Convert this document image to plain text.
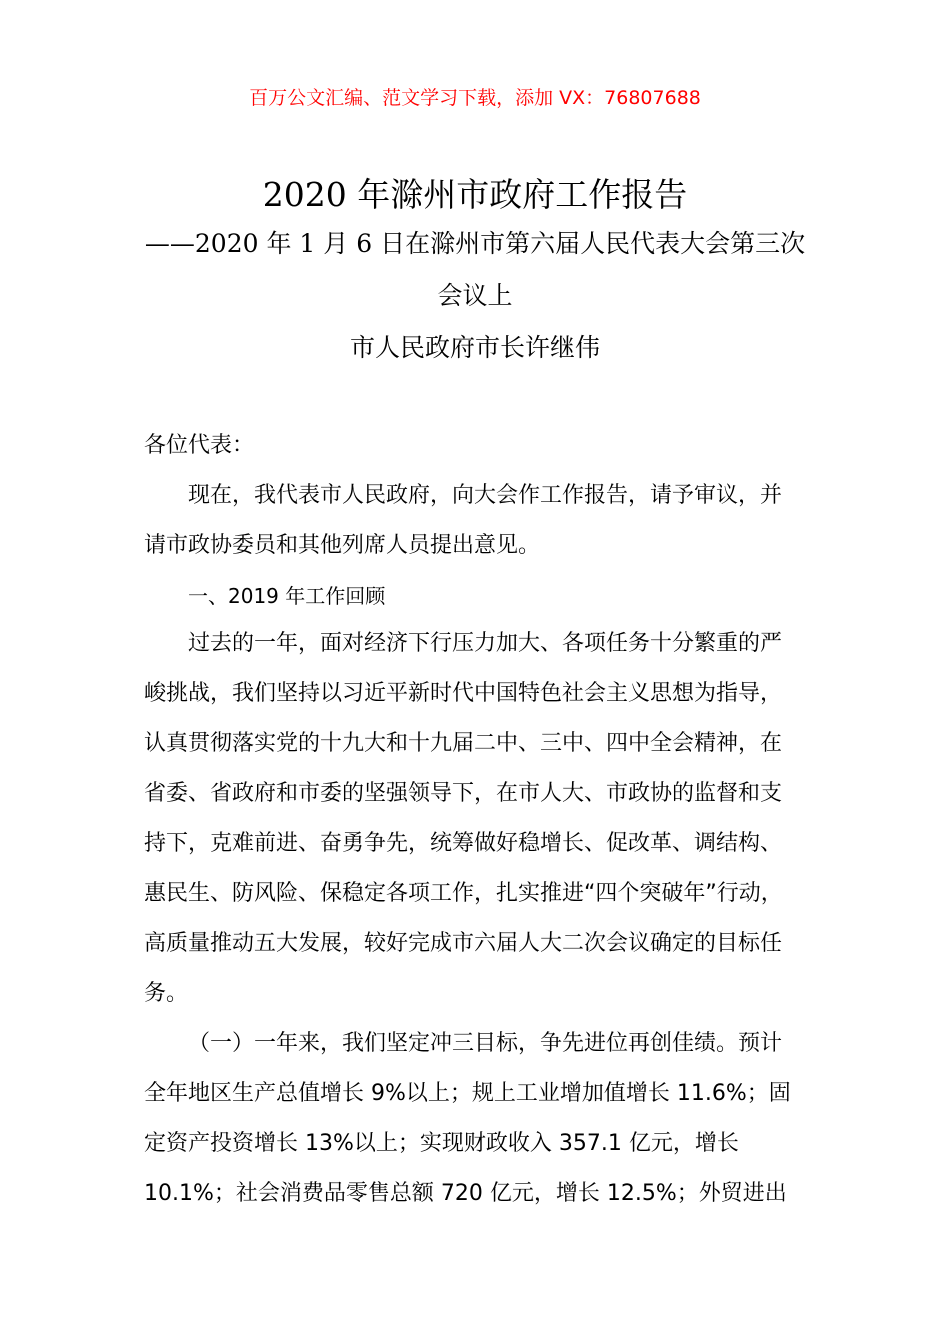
百万公文汇编、范文学习下载，添加 VX：76807688
2020 年滁州市政府工作报告
——2020 年 1 月 6 日在滁州市第六届人民代表大会第三次
会议上
市人民政府市长许继伟
各位代表：
现在，我代表市人民政府，向大会作工作报告，请予审议，并
请市政协委员和其他列席人员提出意见。
一、2019 年工作回顾
过去的一年，面对经济下行压力加大、各项任务十分繁重的严
峻挑战，我们坚持以习近平新时代中国特色社会主义思想为指导，
认真贯彻落实党的十九大和十九届二中、三中、四中全会精神，在
省委、省政府和市委的坚强领导下，在市人大、市政协的监督和支
持下，克难前进、奋勇争先，统筹做好稳增长、促改革、调结构、
惠民生、防风险、保稳定各项工作，扎实推进“四个突破年”行动，
高质量推动五大发展，较好完成市六届人大二次会议确定的目标任
务。
（一）一年来，我们坚定冲三目标，争先进位再创佳绩。预计
全年地区生产总值增长 9%以上；规上工业增加值增长 11.6%；固
定资产投资增长 13%以上；实现财政收入 357.1 亿元，增长
10.1%；社会消费品零售总额 720 亿元，增长 12.5%；外贸进出
